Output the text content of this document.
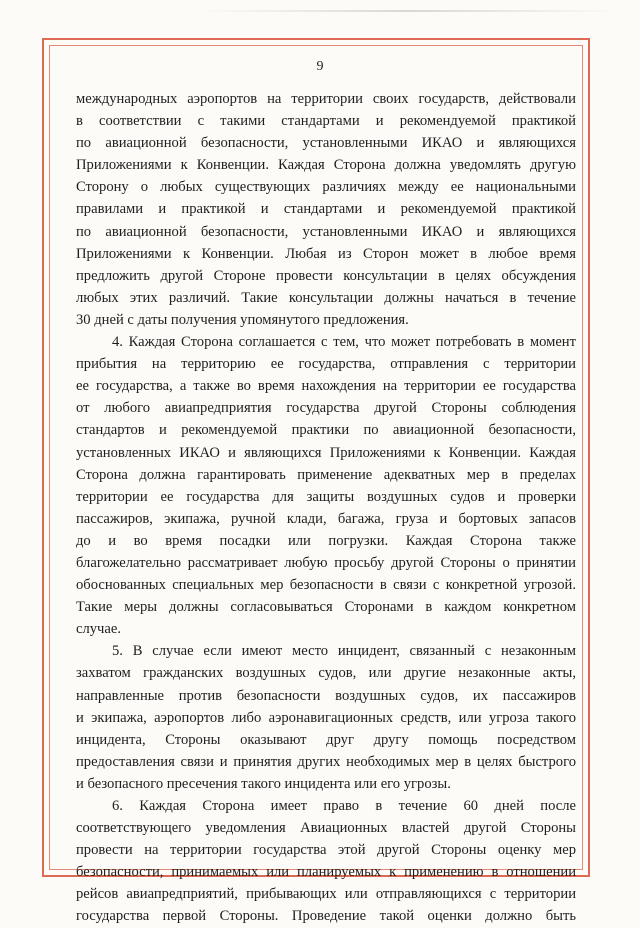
9
международных аэропортов на территории своих государств, действовали
в соответствии с такими стандартами и рекомендуемой практикой
по авиационной безопасности, установленными ИКАО и являющихся
Приложениями к Конвенции. Каждая Сторона должна уведомлять другую
Сторону о любых существующих различиях между ее национальными
правилами и практикой и стандартами и рекомендуемой практикой
по авиационной безопасности, установленными ИКАО и являющихся
Приложениями к Конвенции. Любая из Сторон может в любое время
предложить другой Стороне провести консультации в целях обсуждения
любых этих различий. Такие консультации должны начаться в течение
30 дней с даты получения упомянутого предложения.
4. Каждая Сторона соглашается с тем, что может потребовать в момент
прибытия на территорию ее государства, отправления с территории
ее государства, а также во время нахождения на территории ее государства
от любого авиапредприятия государства другой Стороны соблюдения
стандартов и рекомендуемой практики по авиационной безопасности,
установленных ИКАО и являющихся Приложениями к Конвенции. Каждая
Сторона должна гарантировать применение адекватных мер в пределах
территории ее государства для защиты воздушных судов и проверки
пассажиров, экипажа, ручной клади, багажа, груза и бортовых запасов
до и во время посадки или погрузки. Каждая Сторона также
благожелательно рассматривает любую просьбу другой Стороны о принятии
обоснованных специальных мер безопасности в связи с конкретной угрозой.
Такие меры должны согласовываться Сторонами в каждом конкретном
случае.
5. В случае если имеют место инцидент, связанный с незаконным
захватом гражданских воздушных судов, или другие незаконные акты,
направленные против безопасности воздушных судов, их пассажиров
и экипажа, аэропортов либо аэронавигационных средств, или угроза такого
инцидента, Стороны оказывают друг другу помощь посредством
предоставления связи и принятия других необходимых мер в целях быстрого
и безопасного пресечения такого инцидента или его угрозы.
6. Каждая Сторона имеет право в течение 60 дней после
соответствующего уведомления Авиационных властей другой Стороны
провести на территории государства этой другой Стороны оценку мер
безопасности, принимаемых или планируемых к применению в отношении
рейсов авиапредприятий, прибывающих или отправляющихся с территории
государства первой Стороны. Проведение такой оценки должно быть
